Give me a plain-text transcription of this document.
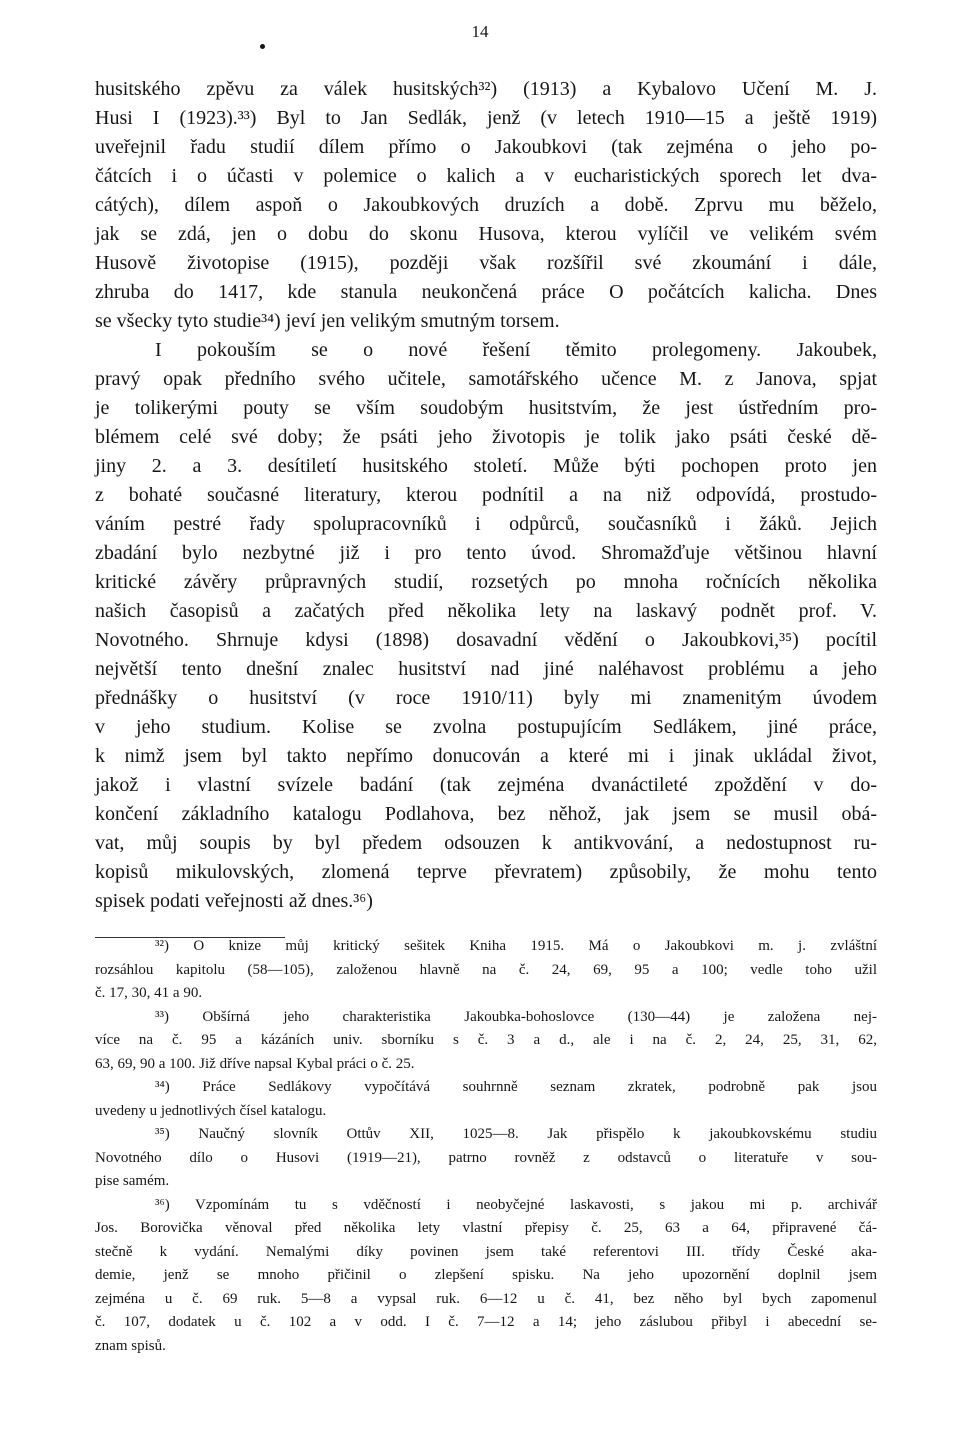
14
husitského zpěvu za válek husitských³²) (1913) a Kybalovo Učení M. J.
Husi I (1923).³³) Byl to Jan Sedlák, jenž (v letech 1910—15 a ještě 1919)
uveřejnil řadu studií dílem přímo o Jakoubkovi (tak zejména o jeho po-
čátcích i o účasti v polemice o kalich a v eucharistických sporech let dva-
cátých), dílem aspoň o Jakoubkových druzích a době. Zprvu mu běželo,
jak se zdá, jen o dobu do skonu Husova, kterou vylíčil ve velikém svém
Husově životopise (1915), později však rozšířil své zkoumání i dále,
zhruba do 1417, kde stanula neukončená práce O počátcích kalicha. Dnes
se všecky tyto studie³⁴) jeví jen velikým smutným torsem.
I pokouším se o nové řešení těmito prolegomeny. Jakoubek,
pravý opak předního svého učitele, samotářského učence M. z Janova, spjat
je tolikerými pouty se vším soudobým husitstvím, že jest ústředním pro-
blémem celé své doby; že psáti jeho životopis je tolik jako psáti české dě-
jiny 2. a 3. desítiletí husitského století. Může býti pochopen proto jen
z bohaté současné literatury, kterou podnítil a na niž odpovídá, prostudo-
váním pestré řady spolupracovníků i odpůrců, současníků i žáků. Jejich
zbadání bylo nezbytné již i pro tento úvod. Shromažďuje většinou hlavní
kritické závěry průpravných studií, rozsetých po mnoha ročnících několika
našich časopisů a začatých před několika lety na laskavý podnět prof. V.
Novotného. Shrnuje kdysi (1898) dosavadní vědění o Jakoubkovi,³⁵) pocítil
největší tento dnešní znalec husitství nad jiné naléhavost problému a jeho
přednášky o husitství (v roce 1910/11) byly mi znamenitým úvodem
v jeho studium. Kolise se zvolna postupujícím Sedlákem, jiné práce,
k nimž jsem byl takto nepřímo donucován a které mi i jinak ukládal život,
jakož i vlastní svízele badání (tak zejména dvanáctileté zpoždění v do-
končení základního katalogu Podlahova, bez něhož, jak jsem se musil obá-
vat, můj soupis by byl předem odsouzen k antikvování, a nedostupnost ru-
kopisů mikulovských, zlomená teprve převratem) způsobily, že mohu tento
spisek podati veřejnosti až dnes.³⁶)
³²) O knize můj kritický sešitek Kniha 1915. Má o Jakoubkovi m. j. zvláštní
rozsáhlou kapitolu (58—105), založenou hlavně na č. 24, 69, 95 a 100; vedle toho užil
č. 17, 30, 41 a 90.
³³) Obšírná jeho charakteristika Jakoubka-bohoslovce (130—44) je založena nej-
více na č. 95 a kázáních univ. sborníku s č. 3 a d., ale i na č. 2, 24, 25, 31, 62,
63, 69, 90 a 100. Již dříve napsal Kybal práci o č. 25.
³⁴) Práce Sedlákovy vypočítává souhrnně seznam zkratek, podrobně pak jsou
uvedeny u jednotlivých čísel katalogu.
³⁵) Naučný slovník Ottův XII, 1025—8. Jak přispělo k jakoubkovskému studiu
Novotného dílo o Husovi (1919—21), patrno rovněž z odstavců o literatuře v sou-
pise samém.
³⁶) Vzpomínám tu s vděčností i neobyčejné laskavosti, s jakou mi p. archivář
Jos. Borovička věnoval před několika lety vlastní přepisy č. 25, 63 a 64, připravené čá-
stečně k vydání. Nemalými díky povinen jsem také referentovi III. třídy České aka-
demie, jenž se mnoho přičinil o zlepšení spisku. Na jeho upozornění doplnil jsem
zejména u č. 69 ruk. 5—8 a vypsal ruk. 6—12 u č. 41, bez něho byl bych zapomenul
č. 107, dodatek u č. 102 a v odd. I č. 7—12 a 14; jeho záslubou přibyl i abecední se-
znam spisů.
